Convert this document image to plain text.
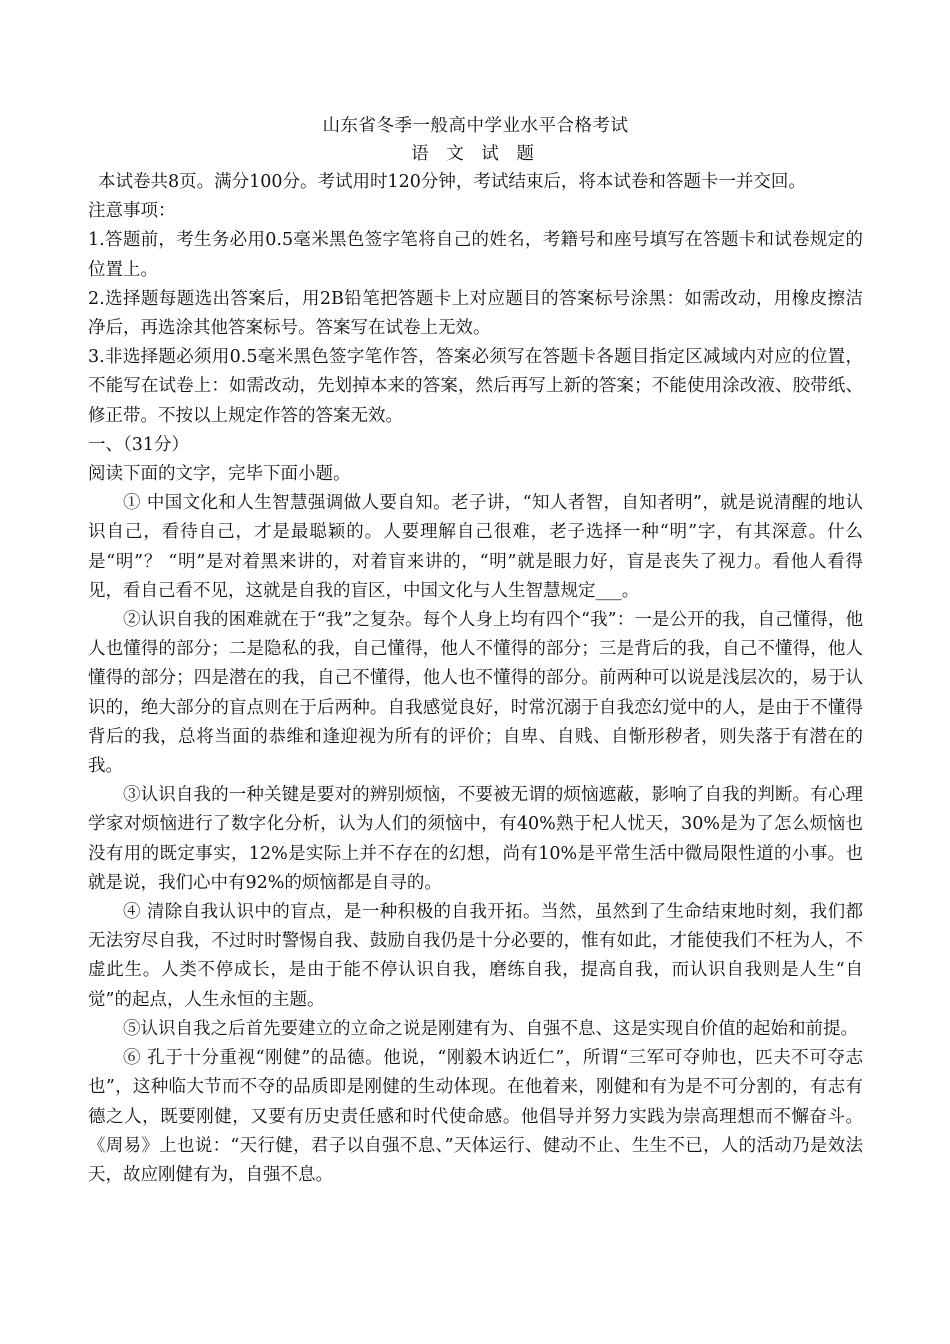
山东省冬季一般高中学业水平合格考试

语 文 试 题

本试卷共8页。满分100分。考试用时120分钟，考试结束后，将本试卷和答题卡一并交回。

注意事项：

1.答题前，考生务必用0.5毫米黑色签字笔将自己的姓名，考籍号和座号填写在答题卡和试卷规定的位置上。

2.选择题每题选出答案后，用2B铅笔把答题卡上对应题目的答案标号涂黑：如需改动，用橡皮擦洁净后，再选涂其他答案标号。答案写在试卷上无效。

3.非选择题必须用0.5毫米黑色签字笔作答，答案必须写在答题卡各题目指定区减域内对应的位置，不能写在试卷上：如需改动，先划掉本来的答案，然后再写上新的答案；不能使用涂改液、胶带纸、修正带。不按以上规定作答的答案无效。

一、（31分）

阅读下面的文字，完毕下面小题。

① 中国文化和人生智慧强调做人要自知。老子讲，“知人者智，自知者明”，就是说清醒的地认识自己，看待自己，才是最聪颖的。人要理解自己很难，老子选择一种“明”字，有其深意。什么是“明”？ “明”是对着黑来讲的，对着盲来讲的，“明”就是眼力好，盲是丧失了视力。看他人看得见，看自己看不见，这就是自我的盲区，中国文化与人生智慧规定___。

②认识自我的困难就在于“我”之复杂。每个人身上均有四个“我”：一是公开的我，自己懂得，他人也懂得的部分；二是隐私的我，自己懂得，他人不懂得的部分；三是背后的我，自己不懂得，他人懂得的部分；四是潜在的我，自己不懂得，他人也不懂得的部分。前两种可以说是浅层次的，易于认识的，绝大部分的盲点则在于后两种。自我感觉良好，时常沉溺于自我恋幻觉中的人，是由于不懂得背后的我，总将当面的恭维和逢迎视为所有的评价；自卑、自贱、自惭形秽者，则失落于有潜在的我。

③认识自我的一种关键是要对的辨别烦恼，不要被无谓的烦恼遮蔽，影响了自我的判断。有心理学家对烦恼进行了数字化分析，认为人们的须恼中，有40%熟于杞人忧天，30%是为了怎么烦恼也没有用的既定事实，12%是实际上并不存在的幻想，尚有10%是平常生活中微局限性道的小事。也就是说，我们心中有92%的烦恼都是自寻的。

④ 清除自我认识中的盲点，是一种积极的自我开拓。当然，虽然到了生命结束地时刻，我们都无法穷尽自我，不过时时警惕自我、鼓励自我仍是十分必要的，惟有如此，才能使我们不枉为人，不虚此生。人类不停成长，是由于能不停认识自我，磨练自我，提高自我，而认识自我则是人生“自觉”的起点，人生永恒的主题。

⑤认识自我之后首先要建立的立命之说是刚建有为、自强不息、这是实现自价值的起始和前提。

⑥ 孔于十分重视“刚健”的品德。他说，“刚毅木讷近仁”，所谓“三军可夺帅也，匹夫不可夺志也”，这种临大节而不夺的品质即是刚健的生动体现。在他着来，刚健和有为是不可分割的，有志有德之人，既要刚健，又要有历史责任感和时代使命感。他倡导并努力实践为崇高理想而不懈奋斗。《周易》上也说：“天行健，君子以自强不息、”天体运行、健动不止、生生不已，人的活动乃是效法天，故应刚健有为，自强不息。
